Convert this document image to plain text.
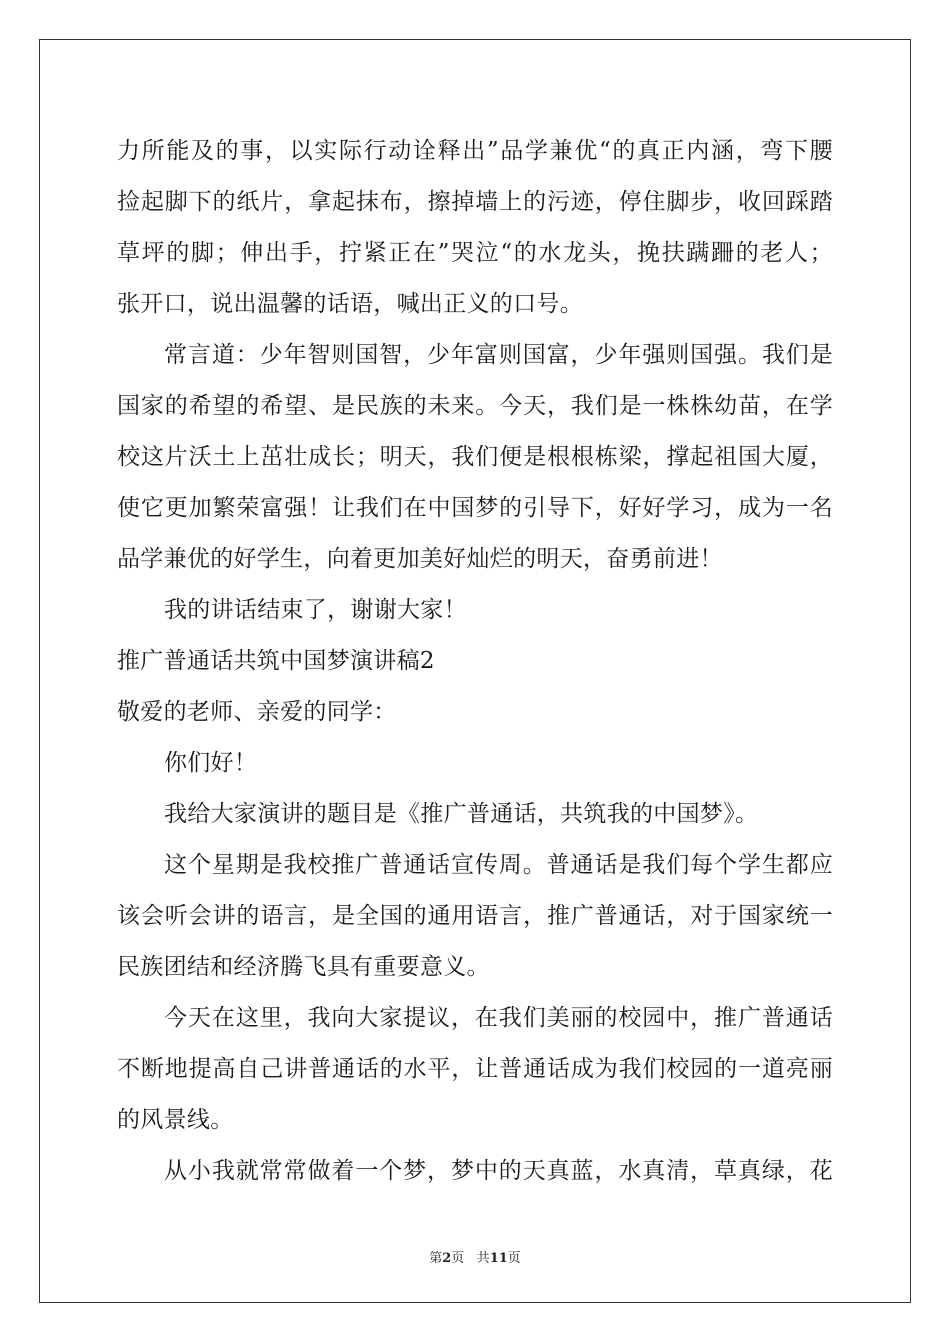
力所能及的事，以实际行动诠释出”品学兼优“的真正内涵，弯下腰
捡起脚下的纸片，拿起抹布，擦掉墙上的污迹，停住脚步，收回踩踏
草坪的脚；伸出手，拧紧正在”哭泣“的水龙头，挽扶蹒跚的老人；
张开口，说出温馨的话语，喊出正义的口号。
常言道：少年智则国智，少年富则国富，少年强则国强。我们是
国家的希望的希望、是民族的未来。今天，我们是一株株幼苗，在学
校这片沃土上茁壮成长；明天，我们便是根根栋梁，撑起祖国大厦，
使它更加繁荣富强！让我们在中国梦的引导下，好好学习，成为一名
品学兼优的好学生，向着更加美好灿烂的明天，奋勇前进！
我的讲话结束了，谢谢大家！
推广普通话共筑中国梦演讲稿2
敬爱的老师、亲爱的同学：
你们好！
我给大家演讲的题目是《推广普通话，共筑我的中国梦》。
这个星期是我校推广普通话宣传周。普通话是我们每个学生都应
该会听会讲的语言，是全国的通用语言，推广普通话，对于国家统一
民族团结和经济腾飞具有重要意义。
今天在这里，我向大家提议，在我们美丽的校园中，推广普通话
不断地提高自己讲普通话的水平，让普通话成为我们校园的一道亮丽
的风景线。
从小我就常常做着一个梦，梦中的天真蓝，水真清，草真绿，花
第2页 共11页
